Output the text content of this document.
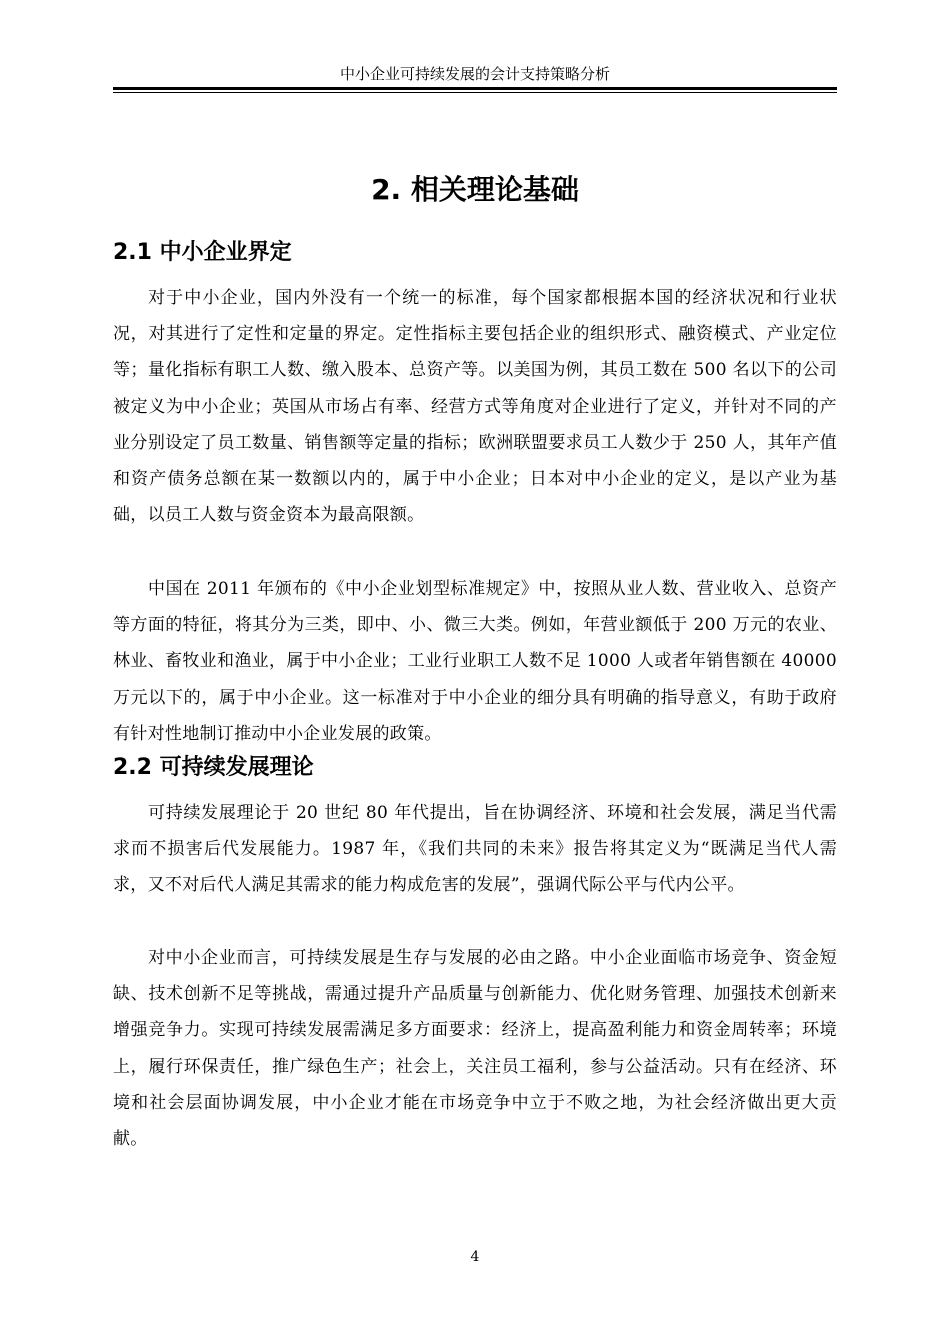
中小企业可持续发展的会计支持策略分析
2. 相关理论基础
2.1 中小企业界定

对于中小企业，国内外没有一个统一的标准，每个国家都根据本国的经济状况和行业状况，对其进行了定性和定量的界定。定性指标主要包括企业的组织形式、融资模式、产业定位等；量化指标有职工人数、缴入股本、总资产等。以美国为例，其员工数在 500 名以下的公司被定义为中小企业；英国从市场占有率、经营方式等角度对企业进行了定义，并针对不同的产业分别设定了员工数量、销售额等定量的指标；欧洲联盟要求员工人数少于 250 人，其年产值和资产债务总额在某一数额以内的，属于中小企业；日本对中小企业的定义，是以产业为基础，以员工人数与资金资本为最高限额。

中国在 2011 年颁布的《中小企业划型标准规定》中，按照从业人数、营业收入、总资产等方面的特征，将其分为三类，即中、小、微三大类。例如，年营业额低于 200 万元的农业、林业、畜牧业和渔业，属于中小企业；工业行业职工人数不足 1000 人或者年销售额在 40000 万元以下的，属于中小企业。这一标准对于中小企业的细分具有明确的指导意义，有助于政府有针对性地制订推动中小企业发展的政策。

2.2 可持续发展理论

可持续发展理论于 20 世纪 80 年代提出，旨在协调经济、环境和社会发展，满足当代需求而不损害后代发展能力。1987 年，《我们共同的未来》报告将其定义为“既满足当代人需求，又不对后代人满足其需求的能力构成危害的发展”，强调代际公平与代内公平。

对中小企业而言，可持续发展是生存与发展的必由之路。中小企业面临市场竞争、资金短缺、技术创新不足等挑战，需通过提升产品质量与创新能力、优化财务管理、加强技术创新来增强竞争力。实现可持续发展需满足多方面要求：经济上，提高盈利能力和资金周转率；环境上，履行环保责任，推广绿色生产；社会上，关注员工福利，参与公益活动。只有在经济、环境和社会层面协调发展，中小企业才能在市场竞争中立于不败之地，为社会经济做出更大贡献。

4
